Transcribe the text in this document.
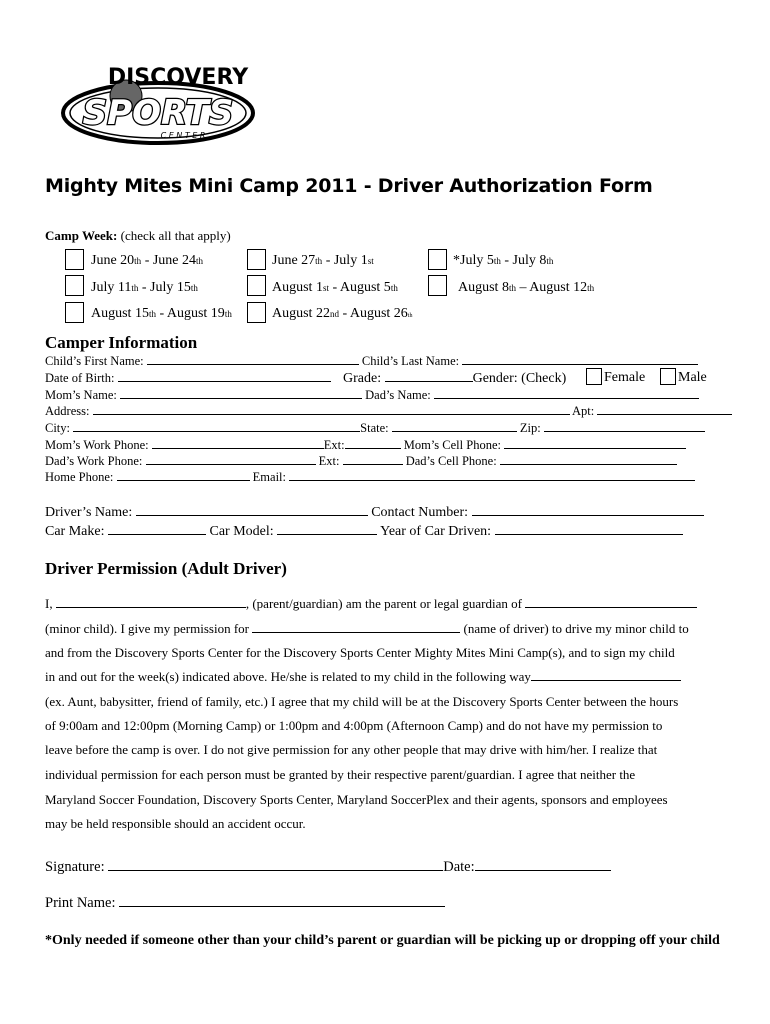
DISCOVERY
SPORTS
C E N T E R
Mighty Mites Mini Camp 2011 - Driver Authorization Form
Camp Week: (check all that apply)
June 20th - June 24th	June 27th - July 1st	*July 5th - July 8th
July 11th - July 15th	August 1st - August 5th	August 8th – August 12th
August 15th - August 19th	August 22nd - August 26th
Camper Information
Child’s First Name:	Child’s Last Name:
Date of Birth:	Grade:	Gender: (Check)	Female Male
Mom’s Name:	Dad’s Name:
Address:	Apt:
City:	State:	Zip:
Mom’s Work Phone:	Ext:	Mom’s Cell Phone:
Dad’s Work Phone:	Ext:	Dad’s Cell Phone:
Home Phone:	Email:
Driver’s Name:	Contact Number:
Car Make:	Car Model:	Year of Car Driven:
Driver Permission (Adult Driver)
I,	, (parent/guardian) am the parent or legal guardian of
(minor child). I give my permission for	(name of driver) to drive my minor child to
and from the Discovery Sports Center for the Discovery Sports Center Mighty Mites Mini Camp(s), and to sign my child
in and out for the week(s) indicated above. He/she is related to my child in the following way
(ex. Aunt, babysitter, friend of family, etc.) I agree that my child will be at the Discovery Sports Center between the hours
of 9:00am and 12:00pm (Morning Camp) or 1:00pm and 4:00pm (Afternoon Camp) and do not have my permission to
leave before the camp is over. I do not give permission for any other people that may drive with him/her. I realize that
individual permission for each person must be granted by their respective parent/guardian. I agree that neither the
Maryland Soccer Foundation, Discovery Sports Center, Maryland SoccerPlex and their agents, sponsors and employees
may be held responsible should an accident occur.
Signature:	Date:
Print Name:
*Only needed if someone other than your child’s parent or guardian will be picking up or dropping off your child
